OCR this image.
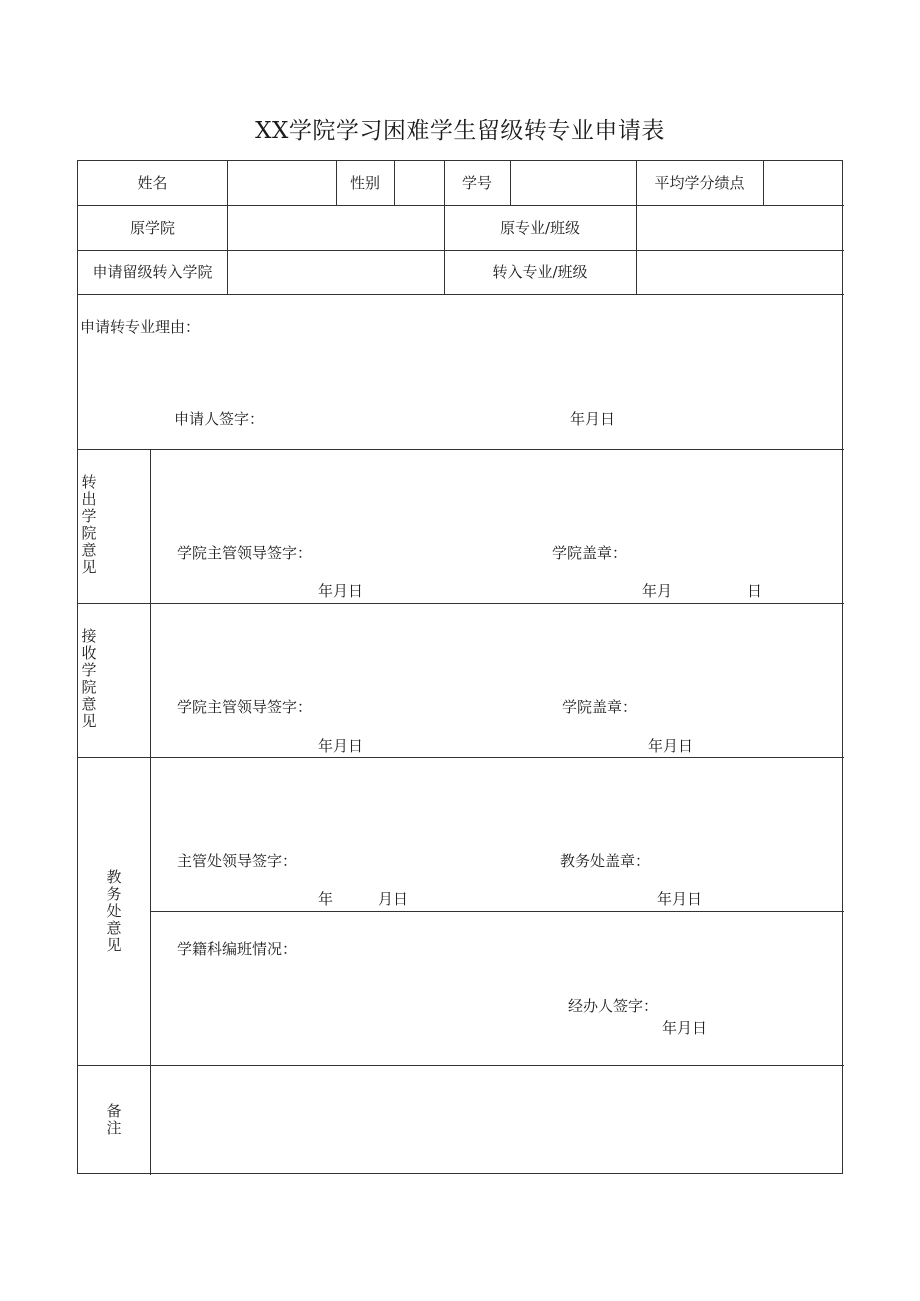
XX学院学习困难学生留级转专业申请表
姓名	性别	学号	平均学分绩点
原学院	原专业/班级
申请留级转入学院	转入专业/班级
申请转专业理由：
申请人签字：	年月日
转出学院意见
学院主管领导签字：	学院盖章：
年月日	年月	日
接收学院意见
学院主管领导签字：	学院盖章：
年月日	年月日
教务处意见
主管处领导签字：	教务处盖章：
年	月日	年月日
学籍科编班情况：
经办人签字：
年月日
备注
